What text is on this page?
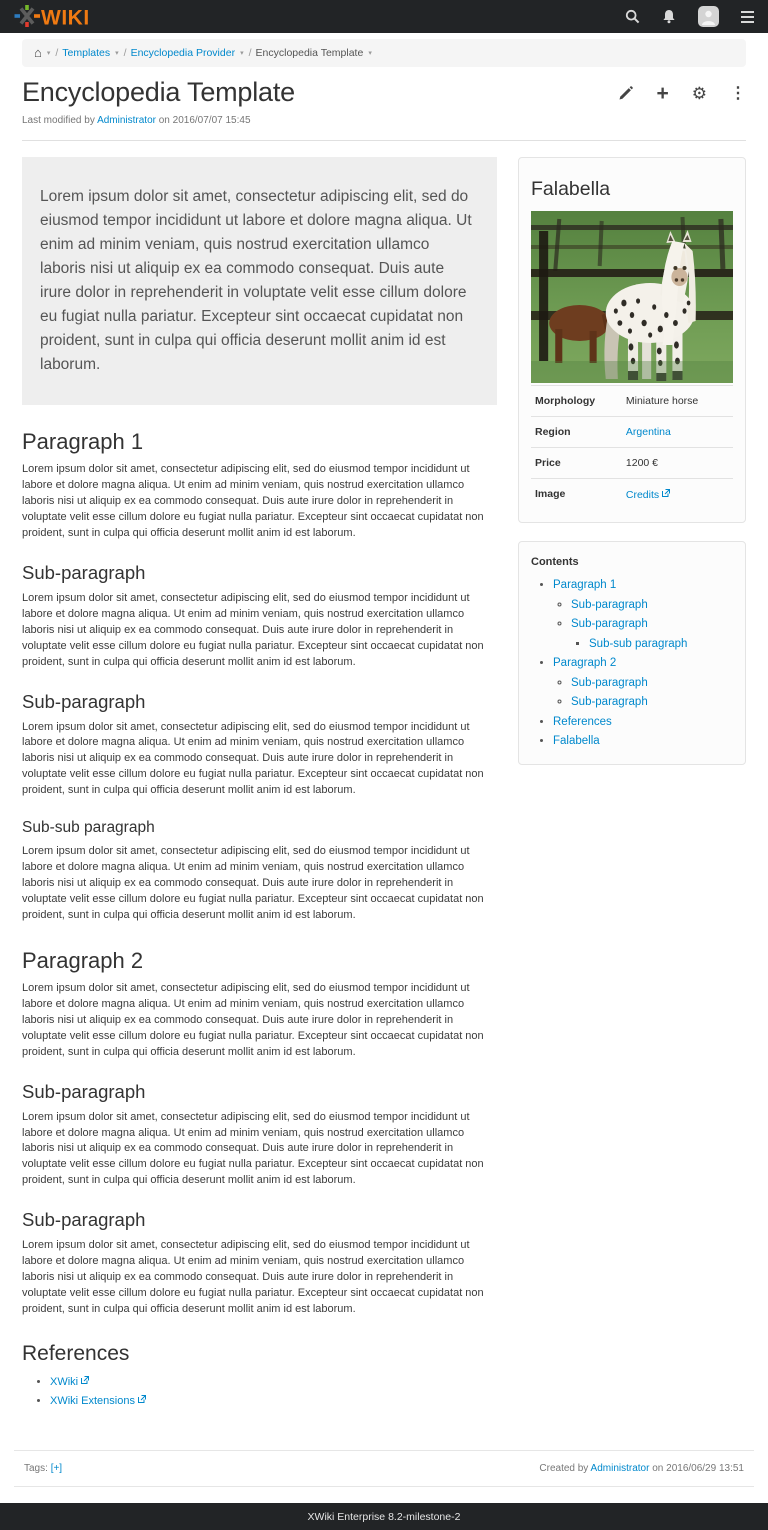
WIKI
⌂ ▾ / Templates ▾ / Encyclopedia Provider ▾ / Encyclopedia Template ▾
Encyclopedia Template	+ ⚙ ⋮
Last modified by Administrator on 2016/07/07 15:45
Lorem ipsum dolor sit amet, consectetur adipiscing elit, sed do eiusmod tempor incididunt ut labore et dolore magna aliqua. Ut enim ad minim veniam, quis nostrud exercitation ullamco laboris nisi ut aliquip ex ea commodo consequat. Duis aute irure dolor in reprehenderit in voluptate velit esse cillum dolore eu fugiat nulla pariatur. Excepteur sint occaecat cupidatat non proident, sunt in culpa qui officia deserunt mollit anim id est laborum.
Paragraph 1

Lorem ipsum dolor sit amet, consectetur adipiscing elit, sed do eiusmod tempor incididunt ut labore et dolore magna aliqua. Ut enim ad minim veniam, quis nostrud exercitation ullamco laboris nisi ut aliquip ex ea commodo consequat. Duis aute irure dolor in reprehenderit in voluptate velit esse cillum dolore eu fugiat nulla pariatur. Excepteur sint occaecat cupidatat non proident, sunt in culpa qui officia deserunt mollit anim id est laborum.

Sub-paragraph

Lorem ipsum dolor sit amet, consectetur adipiscing elit, sed do eiusmod tempor incididunt ut labore et dolore magna aliqua. Ut enim ad minim veniam, quis nostrud exercitation ullamco laboris nisi ut aliquip ex ea commodo consequat. Duis aute irure dolor in reprehenderit in voluptate velit esse cillum dolore eu fugiat nulla pariatur. Excepteur sint occaecat cupidatat non proident, sunt in culpa qui officia deserunt mollit anim id est laborum.

Sub-paragraph

Lorem ipsum dolor sit amet, consectetur adipiscing elit, sed do eiusmod tempor incididunt ut labore et dolore magna aliqua. Ut enim ad minim veniam, quis nostrud exercitation ullamco laboris nisi ut aliquip ex ea commodo consequat. Duis aute irure dolor in reprehenderit in voluptate velit esse cillum dolore eu fugiat nulla pariatur. Excepteur sint occaecat cupidatat non proident, sunt in culpa qui officia deserunt mollit anim id est laborum.

Sub-sub paragraph

Lorem ipsum dolor sit amet, consectetur adipiscing elit, sed do eiusmod tempor incididunt ut labore et dolore magna aliqua. Ut enim ad minim veniam, quis nostrud exercitation ullamco laboris nisi ut aliquip ex ea commodo consequat. Duis aute irure dolor in reprehenderit in voluptate velit esse cillum dolore eu fugiat nulla pariatur. Excepteur sint occaecat cupidatat non proident, sunt in culpa qui officia deserunt mollit anim id est laborum.

Paragraph 2

Lorem ipsum dolor sit amet, consectetur adipiscing elit, sed do eiusmod tempor incididunt ut labore et dolore magna aliqua. Ut enim ad minim veniam, quis nostrud exercitation ullamco laboris nisi ut aliquip ex ea commodo consequat. Duis aute irure dolor in reprehenderit in voluptate velit esse cillum dolore eu fugiat nulla pariatur. Excepteur sint occaecat cupidatat non proident, sunt in culpa qui officia deserunt mollit anim id est laborum.

Sub-paragraph

Lorem ipsum dolor sit amet, consectetur adipiscing elit, sed do eiusmod tempor incididunt ut labore et dolore magna aliqua. Ut enim ad minim veniam, quis nostrud exercitation ullamco laboris nisi ut aliquip ex ea commodo consequat. Duis aute irure dolor in reprehenderit in voluptate velit esse cillum dolore eu fugiat nulla pariatur. Excepteur sint occaecat cupidatat non proident, sunt in culpa qui officia deserunt mollit anim id est laborum.

Sub-paragraph

Lorem ipsum dolor sit amet, consectetur adipiscing elit, sed do eiusmod tempor incididunt ut labore et dolore magna aliqua. Ut enim ad minim veniam, quis nostrud exercitation ullamco laboris nisi ut aliquip ex ea commodo consequat. Duis aute irure dolor in reprehenderit in voluptate velit esse cillum dolore eu fugiat nulla pariatur. Excepteur sint occaecat cupidatat non proident, sunt in culpa qui officia deserunt mollit anim id est laborum.

References
• XWiki
• XWiki Extensions
Falabella
Morphology	Miniature horse
Region	Argentina
Price	1200 €
Image	Credits
Contents
• Paragraph 1
◦ Sub-paragraph
◦ Sub-paragraph
▪ Sub-sub paragraph
• Paragraph 2
◦ Sub-paragraph
◦ Sub-paragraph
• References
• Falabella
Tags: [+]	Created by Administrator on 2016/06/29 13:51
XWiki Enterprise 8.2-milestone-2
